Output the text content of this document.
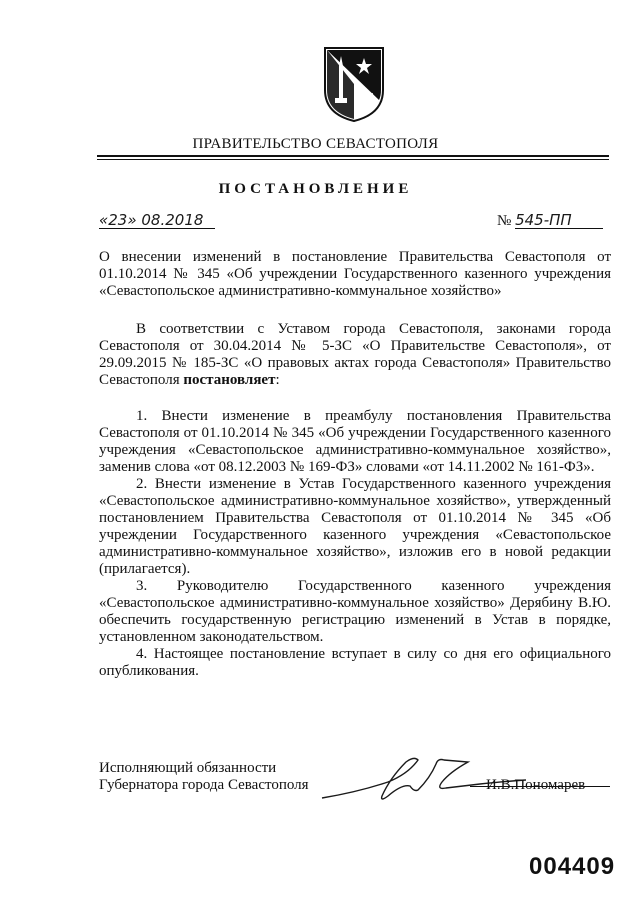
ПРАВИТЕЛЬСТВО СЕВАСТОПОЛЯ
ПОСТАНОВЛЕНИЕ
«23» 08.2018	№ 545-ПП

О внесении изменений в постановление Правительства Севастополя от 01.10.2014 № 345 «Об учреждении Государственного казенного учреждения «Севастопольское административно-коммунальное хозяйство»

В соответствии с Уставом города Севастополя, законами города Севастополя от 30.04.2014 № 5-ЗС «О Правительстве Севастополя», от 29.09.2015 № 185-ЗС «О правовых актах города Севастополя» Правительство Севастополя постановляет:

1. Внести изменение в преамбулу постановления Правительства Севастополя от 01.10.2014 № 345 «Об учреждении Государственного казенного учреждения «Севастопольское административно-коммунальное хозяйство», заменив слова «от 08.12.2003 № 169-ФЗ» словами «от 14.11.2002 № 161-ФЗ».

2. Внести изменение в Устав Государственного казенного учреждения «Севастопольское административно-коммунальное хозяйство», утвержденный постановлением Правительства Севастополя от 01.10.2014 № 345 «Об учреждении Государственного казенного учреждения «Севастопольское административно-коммунальное хозяйство», изложив его в новой редакции (прилагается).

3. Руководителю Государственного казенного учреждения «Севастопольское административно-коммунальное хозяйство» Дерябину В.Ю. обеспечить государственную регистрацию изменений в Устав в порядке, установленном законодательством.

4. Настоящее постановление вступает в силу со дня его официального опубликования.

Исполняющий обязанности
Губернатора города Севастополя	И.В.Пономарев
004409
